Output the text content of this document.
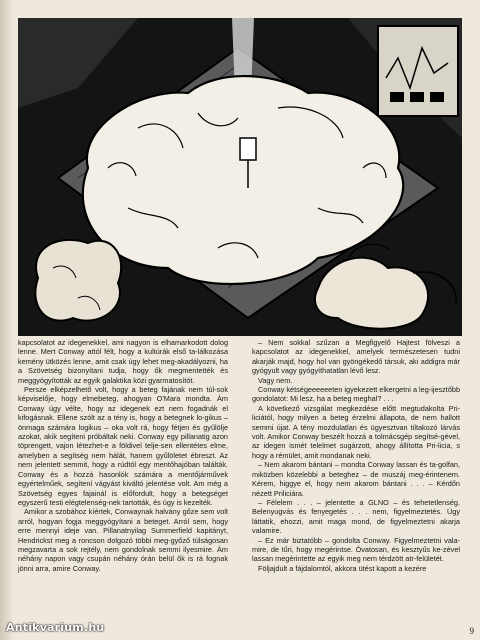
kapcsolatot az idegenekkel, ami nagyon is elhamarkodott dolog lenne. Mert Conway attól félt, hogy a kultúrák első ta-lálkozása kemény ütközés lenne, amit csak úgy lehet meg-akadályozni, ha a Szövetség bizonyítani tudja, hogy ők megmentették és meggyógyították az egyik galaktika közi gyarmatosítót.

Persze elképzelhető volt, hogy a beteg fajának nem túl-sok képviselője, hogy elmebeteg, ahogyan O'Mara mondta. Ám Conway úgy vélte, hogy az idegenek ezt nem fogadnák el kifogásnak. Ellene szólt az a tény is, hogy a betegnek lo-gikus – önmaga számára logikus – oka volt rá, hogy fétjen és gyűlölje azokat, akik segíteni próbáltak neki. Conway egy pillanatig azon töprengett, vajon létezhet-e a földivel telje-sen ellentétes elme, amelyben a segítség nem hálát, hanem gyűlöletet ébreszt. Az nem jelentett semmit, hogy a rúdtól egy mentőhajóban találták. Conway és a hozzá hasonlók számára a mentőjárművek egyértelműek, segítení vágyást kiváltó jelentése volt. Am még a Szövetség egyes fajainál is előfordult, hogy a betegséget egyszerű testi elégtelenség-nek tartották, és úgy is kezelték.

Amikor a szobához kíértek, Conwaynak halvány gőze sem volt arról, hogyan fogja meggyógyítani a beteget. Arról sem, hogy erre mennyi ideje van. Pillanatnyilag Summerfield kapitányt, Hendrickst meg a roncson dolgozó többi meg-győző túlságosan megzavarta a sok rejtély, nem gondolnak semmi ilyesmire. Ám néhány napon vagy csupán néhány órán belül ők is rá fognak jönni arra, amire Conway.

– Nem sokkal szűzan a Megfigyelő Hajtest fölveszi a kapcsolatot az idegenekkel, amelyek természetesen tudni akarják majd, hogy hol van gyöngékedő társuk, aki addigra már gyógyult vagy gyógyíthatatlan lévő lesz.

Vagy nem.

Conway kétségeeeeeeten igyekezett elkergetni a leg-ijesztőbb gondolatot: Mi lesz, ha a beteg meghal? . . .

A következő vizsgálat megkezdése előtt megtudakolta Pri-liciától, hogy milyen a beteg érzelmi állapota, de nem hallott semmi újat. A tény mozdulatlan és ügyesztvan tiltakozó lárvás volt. Amikor Conway beszélt hozzá a tolmácsgép segítsé-gével, az idegen ismét telelmet sugárzott, ahogy állította Pri-licia, s hogy a rémület, amit mondanak neki.

– Nem akarom bántani – mondta Conway lassan és ta-golfan, miközben közelebbi a beteghez – de muszáj meg-érintenem. Kérem, higgye el, hogy nem akarom bántani . . . – Kérdőn nézett Priliciára.

– Félelem . . . – jelentette a GLNO – és tehetetlenség. Belenyugvás és fenyegetés . . . nem, figyelmeztetés. Úgy láttatik, ehozzi, amit maga mond, de figyelmeztetni akarja valamire.

– Ez már biztatóbb – gondolta Conway. Figyelmeztetni vala-mire, de tűri, hogy megérintse. Óvatosan, és kesztyűs ke-zével lassan megérintette az egyik meg nem térdzött atr-felületét.

Följajdult a fájdalomtól, akkora ütést kapott a kezére

Antikvarium.hu	9
